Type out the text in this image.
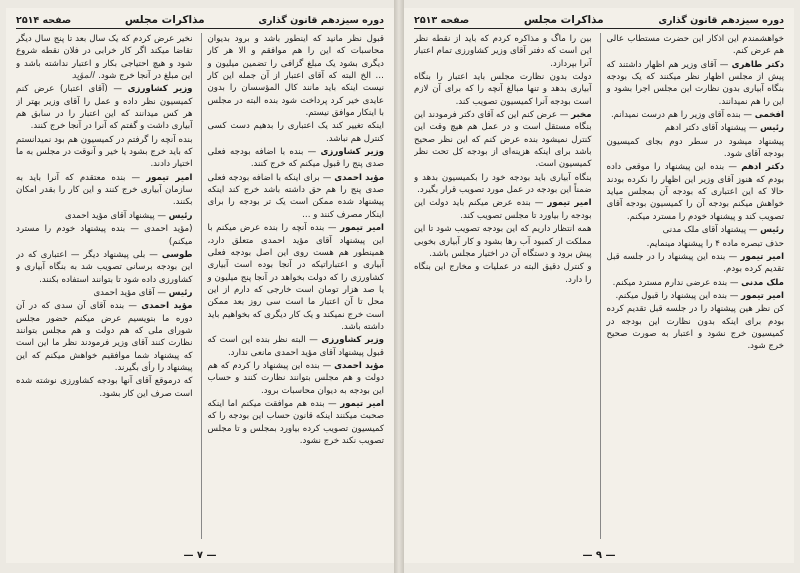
دوره سیزدهم قانون گذاری
مذاکرات مجلس
صفحه ۲۵۱۴

قبول نظر مانید که اینطور باشد و برود بدیوان محاسبات که این را هم موافقم و الا هر کار دیگری بشود یک مبلغ گزافی را تضمین میلیون و … الخ البته که آقای اعتبار از آن جمله این کار نیست اینکه باید مانند کال المؤسسان را بدون عایدی خیر کرد پرداخت شود بنده البته در مجلس با اینکار موافق نیستم.

اینکه تغییر کند یک اعتباری را بدهیم دست کسی کنترل هم نباشد.

وزیر کشاورزی — بنده با اضافه بودجه فعلی صدی پنج را قبول میکنم که خرج کنند.

مؤید احمدی — برای اینکه با اضافه بودجه فعلی صدی پنج را هم حق داشته باشد خرج کند اینکه پیشنهاد شده ممکن است یک تر بودجه را برای اینکار مصرف کنند و …

امیر تیمور — بنده آنچه را بنده عرض میکنم با این پیشنهاد آقای مؤید احمدی متعلق دارد، همینطور هم هست روی این اصل بودجه فعلی آبیاری و اعتباراتیکه در آنجا بوده است آبیاری کشاورزی را که دولت بخواهد در آنجا پنج میلیون و یا صد هزار تومان است خارجی که دارم از این محل تا آن اعتبار ما است سی روز بعد ممکن است خرج نمیکند و یک کار دیگری که بخواهیم باید داشته باشد.

وزیر کشاورزی — البته نظر بنده این است که قبول پیشنهاد آقای مؤید احمدی مانعی ندارد.

مؤید احمدی — بنده این پیشنهاد را کردم که هم دولت و هم مجلس بتوانند نظارت کنند و حساب این بودجه به دیوان محاسبات برود.

امیر تیمور — بنده هم موافقت میکنم اما اینکه صحبت میکنند اینکه قانون حساب این بودجه را که کمیسیون تصویب کرده بیاورد بمجلس و تا مجلس تصویب نکند خرج نشود.

نخیر عرض کردم که یک سال بعد تا پنج سال دیگر تقاضا میکند اگر کار خرابی در فلان نقطه شروع شود و هیچ احتیاجی بکار و اعتبار نداشته باشد و این مبلغ در آنجا خرج شود.المؤید

وزیر کشاورزی — (آقای اعتبار) عرض کنم کمیسیون نظر داده و عمل را آقای وزیر بهتر از هر کس میدانند که این اعتبار را در سابق هم آبیاری داشت و گفتم که آنرا در آنجا خرج کنند.

بنده آنچه را گرفتم در کمیسیون هم بود نمیدانستم که باید خرج بشود یا خیر و آنوقت در مجلس به ما اختیار دادند.

امیر تیمور — بنده معتقدم که آنرا باید به سازمان آبیاری خرج کنند و این کار را بقدر امکان بکنند.

رئیس — پیشنهاد آقای مؤید احمدی

(مؤید احمدی — بنده پیشنهاد خودم را مسترد میکنم)

طوسی — بلی پیشنهاد دیگر — اعتباری که در این بودجه برسانی تصویب شد به بنگاه آبیاری و کشاورزی داده شود تا بتوانند استفاده بکنند.

رئیس — آقای مؤید احمدی

مؤید احمدی — بنده آقای آن سدی که در آن دوره ما بنویسیم عرض میکنم حضور مجلس شورای ملی که هم دولت و هم مجلس بتوانند نظارت کنند آقای وزیر فرمودند نظر ما این است که پیشنهاد شما موافقیم خواهش میکنم که این پیشنهاد را رأی بگیرند.

که درموقع آقای آنها بودجه کشاورزی نوشته شده است صرف این کار بشود.

— ۷ —
دوره سیزدهم قانون گذاری
مذاکرات مجلس
صفحه ۲۵۱۳

خواهشمندم این اذکار این حضرت مستطاب عالی هم عرض کنم.

دکتر طاهری — آقای وزیر هم اظهار داشتند که پیش از مجلس اظهار نظر میکنند که یک بودجه بنگاه آبیاری بدون نظارت این مجلس اجرا بشود و این را هم نمیدانند.

افخمی — بنده آقای وزیر را هم درست نمیدانم.

رئیس — پیشنهاد آقای دکتر ادهم

پیشنهاد میشود در سطر دوم بجای کمیسیون بودجه آقای شود.

دکتر ادهم — بنده این پیشنهاد را موقعی داده بودم که هنوز آقای وزیر این اظهار را نکرده بودند حالا که این اعتباری که بودجه آن بمجلس میاید خواهش میکنم بودجه آن را کمیسیون بودجه آقای تصویب کند و پیشنهاد خودم را مسترد میکنم.

رئیس — پیشنهاد آقای ملک مدنی

حذف تبصره ماده ۴ را پیشنهاد مینمایم.

امیر تیمور — بنده این پیشنهاد را در جلسه قبل تقدیم کرده بودم.

ملک مدنی — بنده عرضی ندارم مسترد میکنم.

امیر تیمور — بنده این پیشنهاد را قبول میکنم.

کن نظر هین پیشنهاد را در جلسه قبل تقدیم کرده بودم برای اینکه بدون نظارت این بودجه در کمیسیون خرج نشود و اعتبار به صورت صحیح خرج شود.

بین را ماگ و مذاکره کردم که باید از نقطه نظر این است که دفتر آقای وزیر کشاورزی تمام اعتبار آنرا بپردازد.

دولت بدون نظارت مجلس باید اعتبار را بنگاه آبیاری بدهد و تنها مبالغ آنچه را که برای آن لازم است بودجه آنرا کمیسیون تصویب کند.

مخبر — عرض کنم این که آقای دکتر فرمودند این بنگاه مستقل است و در عمل هم هیچ وقت این کنترل نمیشود بنده عرض کنم که این نظر صحیح باشد برای اینکه هزینه‌ای از بودجه کل تحت نظر کمیسیون است.

بنگاه آبیاری باید بودجه خود را بکمیسیون بدهد و ضمناً این بودجه در عمل مورد تصویب قرار بگیرد.

امیر تیمور — بنده عرض میکنم باید دولت این بودجه را بیاورد تا مجلس تصویب کند.

همه انتظار داریم که این بودجه تصویب شود تا این مملکت از کمبود آب رها بشود و کار آبیاری بخوبی پیش برود و دستگاه آن در اختیار مجلس باشد.

و کنترل دقیق البته در عملیات و مخارج این بنگاه را دارد.

— ۹ —
